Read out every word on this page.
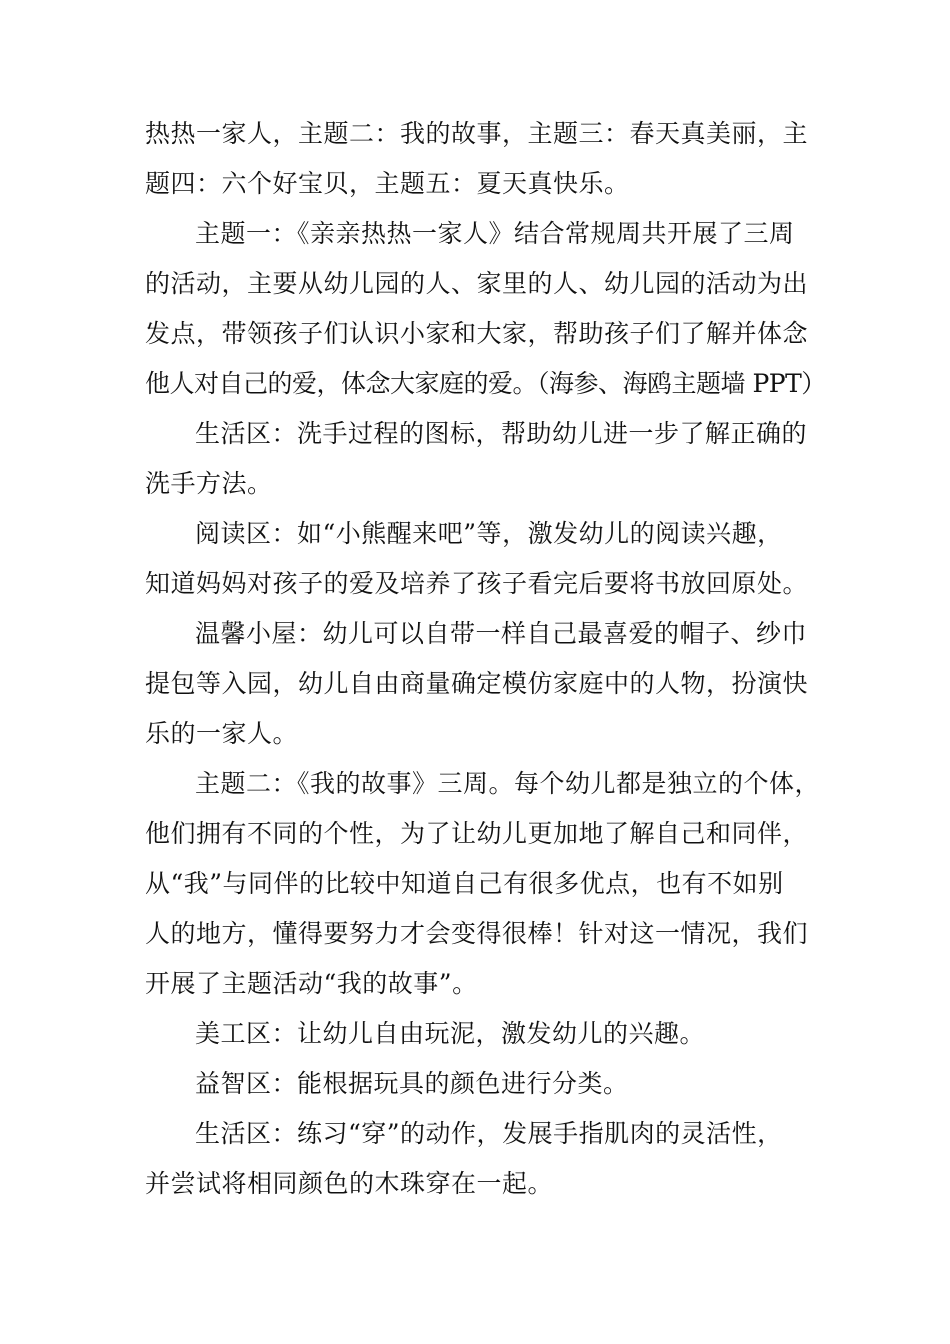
热热一家人，主题二：我的故事，主题三：春天真美丽，主
题四：六个好宝贝，主题五：夏天真快乐。
主题一：《亲亲热热一家人》结合常规周共开展了三周
的活动，主要从幼儿园的人、家里的人、幼儿园的活动为出
发点，带领孩子们认识小家和大家，帮助孩子们了解并体念
他人对自己的爱，体念大家庭的爱。（海参、海鸥主题墙 PPT）
生活区：洗手过程的图标，帮助幼儿进一步了解正确的
洗手方法。
阅读区：如“小熊醒来吧”等，激发幼儿的阅读兴趣，
知道妈妈对孩子的爱及培养了孩子看完后要将书放回原处。
温馨小屋：幼儿可以自带一样自己最喜爱的帽子、纱巾
提包等入园，幼儿自由商量确定模仿家庭中的人物，扮演快
乐的一家人。
主题二：《我的故事》三周。每个幼儿都是独立的个体，
他们拥有不同的个性，为了让幼儿更加地了解自己和同伴，
从“我”与同伴的比较中知道自己有很多优点，也有不如别
人的地方，懂得要努力才会变得很棒！针对这一情况，我们
开展了主题活动“我的故事”。
美工区：让幼儿自由玩泥，激发幼儿的兴趣。
益智区：能根据玩具的颜色进行分类。
生活区：练习“穿”的动作，发展手指肌肉的灵活性，
并尝试将相同颜色的木珠穿在一起。
